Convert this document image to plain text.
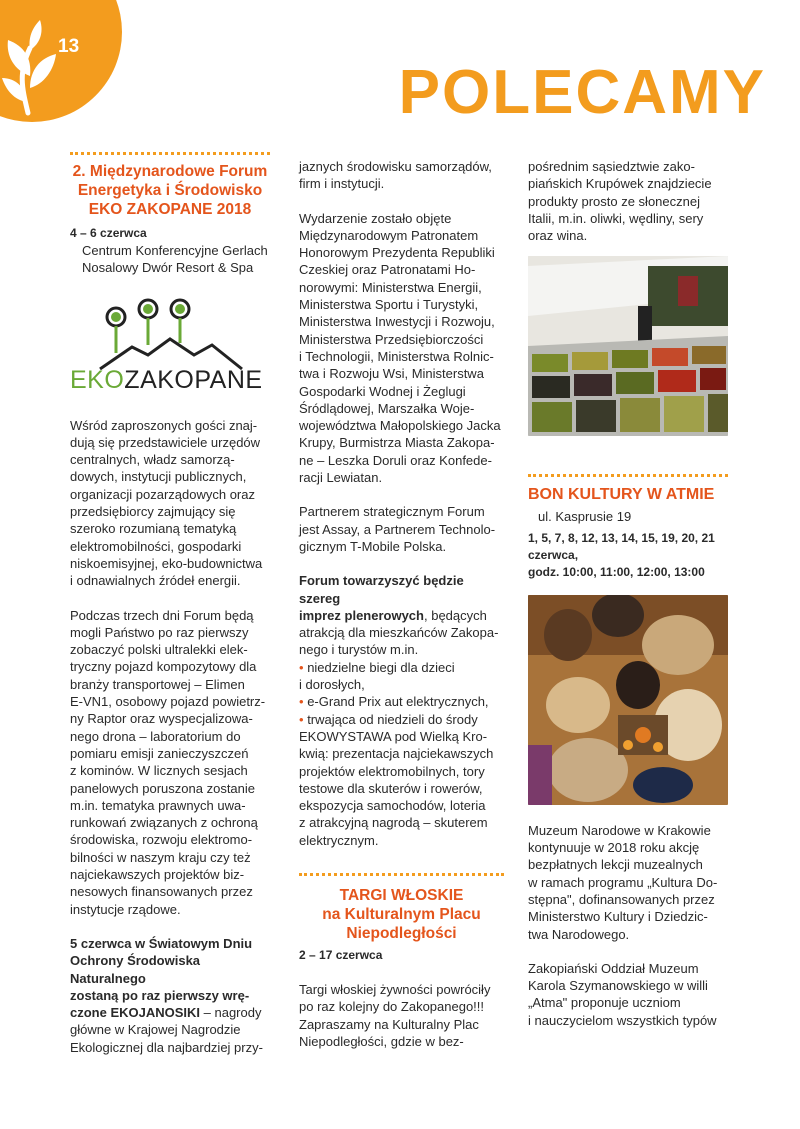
13
POLECAMY

2. Międzynarodowe Forum

Energetyka i Środowisko

EKO ZAKOPANE 2018

4 – 6 czerwca

Centrum Konferencyjne Gerlach

Nosalowy Dwór Resort & Spa

EKOZAKOPANE

Wśród zaproszonych gości znaj-

dują się przedstawiciele urzędów

centralnych, władz samorzą-

dowych, instytucji publicznych,

organizacji pozarządowych oraz

przedsiębiorcy zajmujący się

szeroko rozumianą tematyką

elektromobilności, gospodarki

niskoemisyjnej, eko-budownictwa

i odnawialnych źródeł energii.

Podczas trzech dni Forum będą

mogli Państwo po raz pierwszy

zobaczyć polski ultralekki elek-

tryczny pojazd kompozytowy dla

branży transportowej – Elimen

E-VN1, osobowy pojazd powietrz-

ny Raptor oraz wyspecjalizowa-

nego drona – laboratorium do

pomiaru emisji zanieczyszczeń

z kominów. W licznych sesjach

panelowych poruszona zostanie

m.in. tematyka prawnych uwa-

runkowań związanych z ochroną

środowiska, rozwoju elektromo-

bilności w naszym kraju czy też

najciekawszych projektów biz-

nesowych finansowanych przez

instytucje rządowe.

5 czerwca w Światowym Dniu

Ochrony Środowiska Naturalnego

zostaną po raz pierwszy wrę-

czone EKOJANOSIKI – nagrody

główne w Krajowej Nagrodzie

Ekologicznej dla najbardziej przy-

jaznych środowisku samorządów,

firm i instytucji.

Wydarzenie zostało objęte

Międzynarodowym Patronatem

Honorowym Prezydenta Republiki

Czeskiej oraz Patronatami Ho-

norowymi: Ministerstwa Energii,

Ministerstwa Sportu i Turystyki,

Ministerstwa Inwestycji i Rozwoju,

Ministerstwa Przedsiębiorczości

i Technologii, Ministerstwa Rolnic-

twa i Rozwoju Wsi, Ministerstwa

Gospodarki Wodnej i Żeglugi

Śródlądowej, Marszałka Woje-

województwa Małopolskiego Jacka

Krupy, Burmistrza Miasta Zakopa-

ne – Leszka Doruli oraz Konfede-

racji Lewiatan.

Partnerem strategicznym Forum

jest Assay, a Partnerem Technolo-

gicznym T-Mobile Polska.

Forum towarzyszyć będzie szereg

imprez plenerowych, będących

atrakcją dla mieszkańców Zakopa-

nego i turystów m.in.

• niedzielne biegi dla dzieci

i dorosłych,

• e-Grand Prix aut elektrycznych,

• trwająca od niedzieli do środy

EKOWYSTAWA pod Wielką Kro-

kwią: prezentacja najciekawszych

projektów elektromobilnych, tory

testowe dla skuterów i rowerów,

ekspozycja samochodów, loteria

z atrakcyjną nagrodą – skuterem

elektrycznym.

TARGI WŁOSKIE

na Kulturalnym Placu

Niepodległości

2 – 17 czerwca

Targi włoskiej żywności powróciły

po raz kolejny do Zakopanego!!!

Zapraszamy na Kulturalny Plac

Niepodległości, gdzie w bez-

pośrednim sąsiedztwie zako-

piańskich Krupówek znajdziecie

produkty prosto ze słonecznej

Italii, m.in. oliwki, wędliny, sery

oraz wina.

BON KULTURY W ATMIE

ul. Kasprusie 19

1, 5, 7, 8, 12, 13, 14, 15, 19, 20, 21

czerwca,

godz. 10:00, 11:00, 12:00, 13:00

Muzeum Narodowe w Krakowie

kontynuuje w 2018 roku akcję

bezpłatnych lekcji muzealnych

w ramach programu „Kultura Do-

stępna", dofinansowanych przez

Ministerstwo Kultury i Dziedzic-

twa Narodowego.

Zakopiański Oddział Muzeum

Karola Szymanowskiego w willi

„Atma" proponuje uczniom

i nauczycielom wszystkich typów
